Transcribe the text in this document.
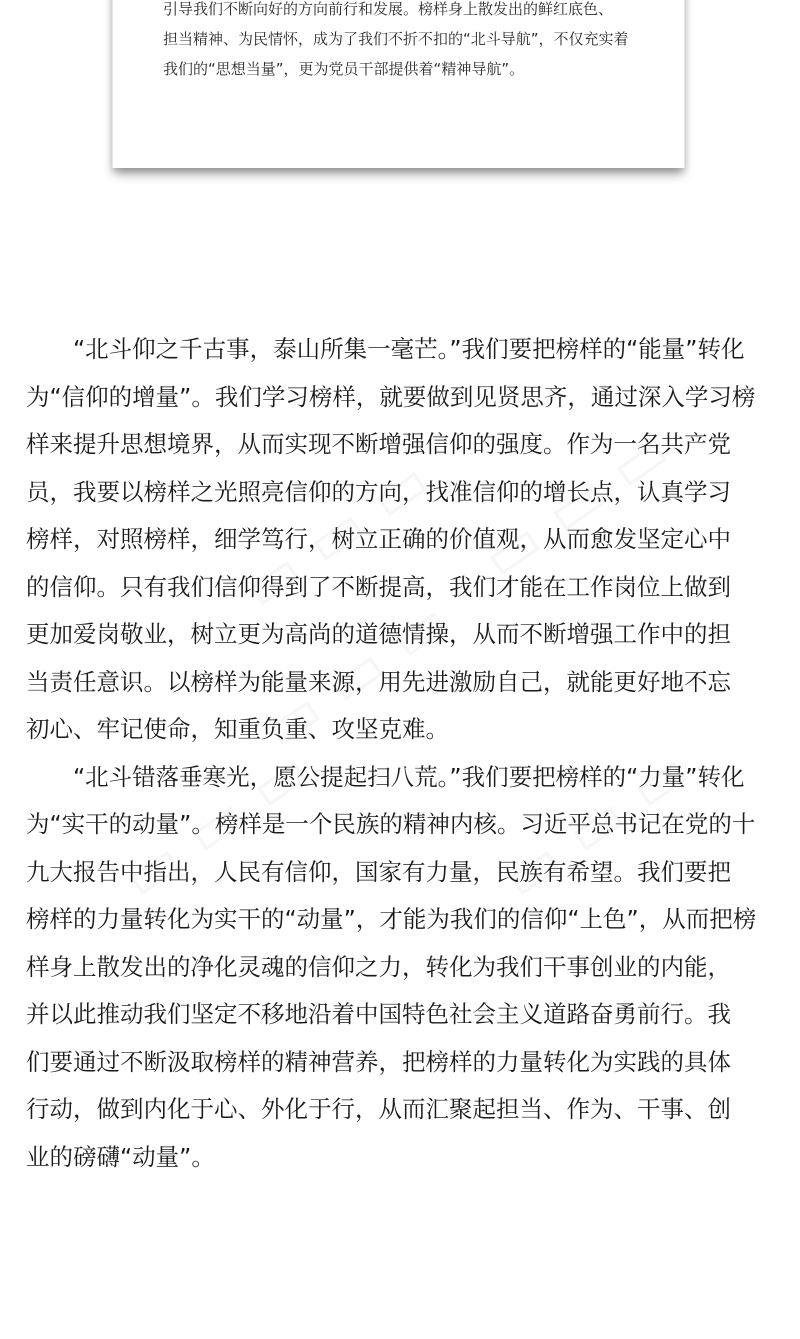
引导我们不断向好的方向前行和发展。榜样身上散发出的鲜红底色、
担当精神、为民情怀，成为了我们不折不扣的“北斗导航”，不仅充实着
我们的“思想当量”，更为党员干部提供着“精神导航”。
　　“北斗仰之千古事，泰山所集一毫芒。”我们要把榜样的“能量”转化
为“信仰的增量”。我们学习榜样，就要做到见贤思齐，通过深入学习榜
样来提升思想境界，从而实现不断增强信仰的强度。作为一名共产党
员，我要以榜样之光照亮信仰的方向，找准信仰的增长点，认真学习
榜样，对照榜样，细学笃行，树立正确的价值观，从而愈发坚定心中
的信仰。只有我们信仰得到了不断提高，我们才能在工作岗位上做到
更加爱岗敬业，树立更为高尚的道德情操，从而不断增强工作中的担
当责任意识。以榜样为能量来源，用先进激励自己，就能更好地不忘
初心、牢记使命，知重负重、攻坚克难。
　　“北斗错落垂寒光，愿公提起扫八荒。”我们要把榜样的“力量”转化
为“实干的动量”。榜样是一个民族的精神内核。习近平总书记在党的十
九大报告中指出，人民有信仰，国家有力量，民族有希望。我们要把
榜样的力量转化为实干的“动量”，才能为我们的信仰“上色”，从而把榜
样身上散发出的净化灵魂的信仰之力，转化为我们干事创业的内能，
并以此推动我们坚定不移地沿着中国特色社会主义道路奋勇前行。我
们要通过不断汲取榜样的精神营养，把榜样的力量转化为实践的具体
行动，做到内化于心、外化于行，从而汇聚起担当、作为、干事、创
业的磅礴“动量”。
